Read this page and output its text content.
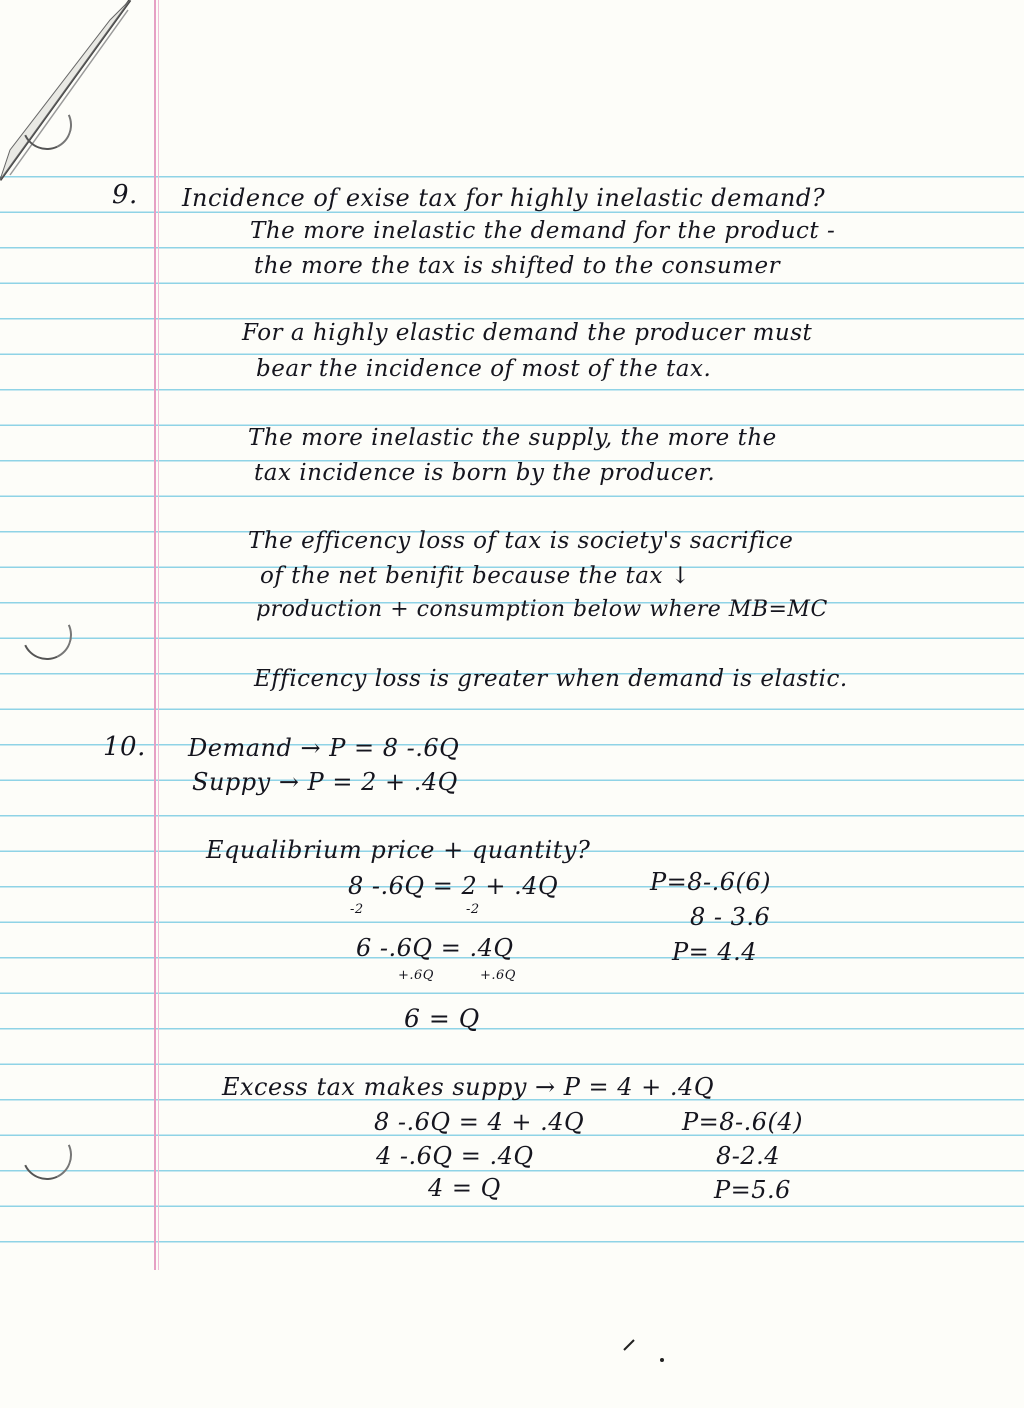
9. Incidence of exise tax for highly inelastic demand?
The more inelastic the demand for the product -
the more the tax is shifted to the consumer
For a highly elastic demand the producer must
bear the incidence of most of the tax.
The more inelastic the supply, the more the
tax incidence is born by the producer.
The efficency loss of tax is society's sacrifice
of the net benifit because the tax ↓
production + consumption below where MB=MC
Efficency loss is greater when demand is elastic.
10. Demand → P = 8 -.6Q
Suppy → P = 2 + .4Q
Equalibrium price + quantity?
8 -.6Q = 2 + .4Q
-2	-2
6 -.6Q = .4Q
+.6Q	+.6Q
6 = Q
P=8-.6(6)
8 - 3.6
P= 4.4
Excess tax makes suppy → P = 4 + .4Q
8 -.6Q = 4 + .4Q
4 -.6Q = .4Q
4 = Q
P=8-.6(4)
8-2.4
P=5.6
